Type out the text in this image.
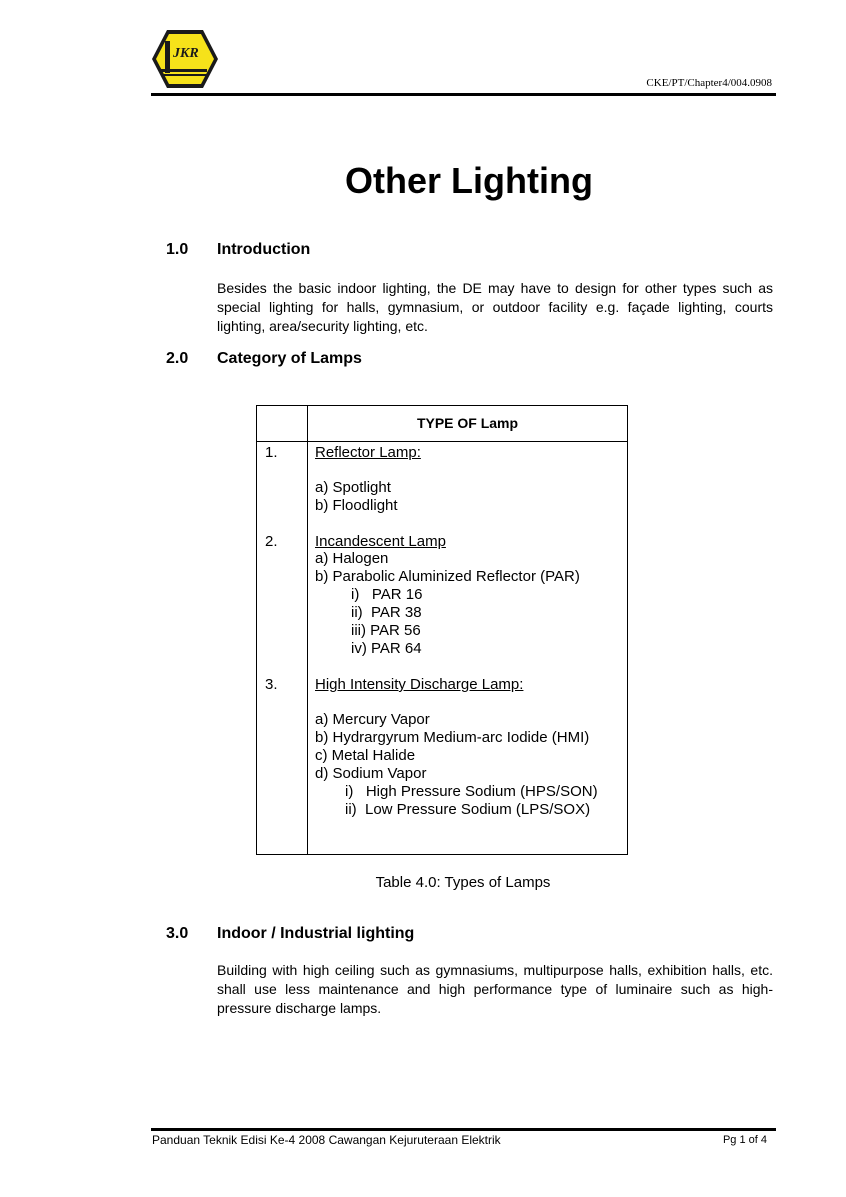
JKR
CKE/PT/Chapter4/004.0908
Other Lighting
1.0 Introduction
Besides the basic indoor lighting, the DE may have to design for other types such as special lighting for halls, gymnasium, or outdoor facility e.g. façade lighting, courts lighting, area/security lighting, etc.
2.0 Category of Lamps
TYPE OF Lamp
1. Reflector Lamp:
a) Spotlight
b) Floodlight
2. Incandescent Lamp
a) Halogen
b) Parabolic Aluminized Reflector (PAR)
i)   PAR 16
ii)  PAR 38
iii) PAR 56
iv) PAR 64
3. High Intensity Discharge Lamp:
a) Mercury Vapor
b) Hydrargyrum Medium-arc Iodide (HMI)
c) Metal Halide
d) Sodium Vapor
i)   High Pressure Sodium (HPS/SON)
ii)  Low Pressure Sodium (LPS/SOX)
Table 4.0: Types of Lamps
3.0 Indoor / Industrial lighting
Building with high ceiling such as gymnasiums, multipurpose halls, exhibition halls, etc. shall use less maintenance and high performance type of luminaire such as high-pressure discharge lamps.
Panduan Teknik Edisi Ke-4 2008 Cawangan Kejuruteraan Elektrik	Pg 1 of 4
